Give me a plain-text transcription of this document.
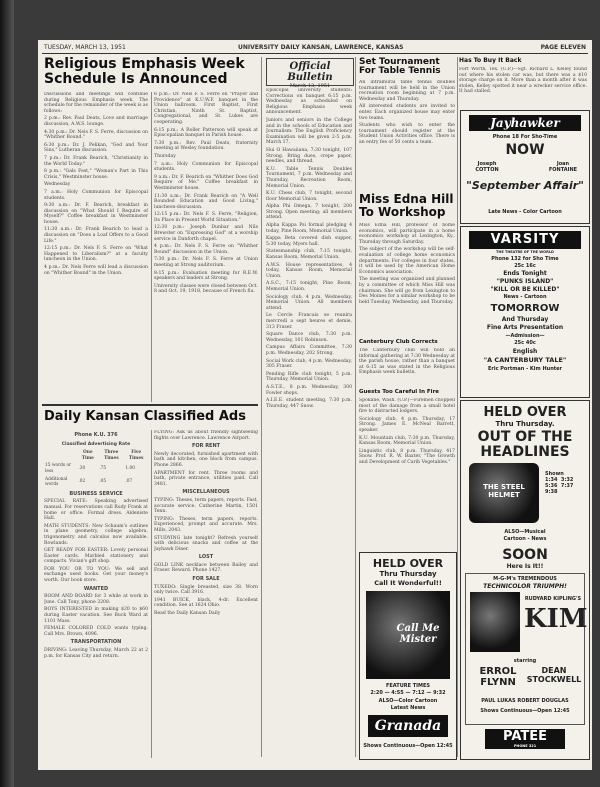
TUESDAY, MARCH 13, 1951	UNIVERSITY DAILY KANSAN, LAWRENCE, KANSAS	PAGE ELEVEN
Religious Emphasis Week Schedule Is Announced

Discussions and meetings will continue during Religious Emphasis week. The schedule for the remainder of the week is as follows:

2 p.m.: Rev. Paul Deats, Love and marriage discussion, A.W.S. lounge.

4:30 p.m.: Dr. Nels F. S. Ferre, discussion on "Whither Bound."

6:30 p.m.: Dr. J. Pelikan, "God and Your Sins," Lutheran discussion.

7 p.m.: Dr. Frank Bearich, "Christianity in the World Today."

8 p.m.: "Gals Fest," "Woman's Part in This Crisis," Westminster house.

Wednesday

7 a.m.: Holy Communion for Episcopal students.

9:30 a.m.: Dr. F. Bearich, breakfast in discussion on "What Should I Require of Myself?" Coffee breakfast in Westminster house.

11:30 a.m.: Dr. Frank Bearich to lead a discussion on "Does a Loaf Offers to a Good Life."

12:15 p.m.: Dr. Nels F. S. Ferre on "What Happened to Liberalism?" at a faculty luncheon in the Union.

4 p.m.: Dr. Nels Ferre will lead a discussion on "Whither Bound" in the Union.

6 p.m.: Dr. Nels F. S. Ferre on "Prayer and Providence" at K.U.W.F. banquet in the Union ballroom. First Baptist, First Christian, Ninth St. Baptist, Congregational, and St. Lukes are cooperating.

6:15 p.m.: A Roller Patterson will speak at Episcopalian banquet in Parish house.

7:30 p.m.: Rev. Paul Deats, fraternity meeting at Wesley foundation.

Thursday

7 a.m.: Holy Communion for Episcopal students.

9 a.m.: Dr. F. Bearich on "Whither Does God Require of Me." Coffee breakfast in Westminster house.

11:30 a.m.: Dr. Frank Bearich on "A Well Rounded Education and Good Living," luncheon-discussion.

12:15 p.m.: Dr. Nels F. S. Ferre, "Religion, Its Place in Present World Situation."

12:30 p.m.: Joseph Dunbar and Nils Brewster on "Expressing God" at a worship service in Danforth chapel.

4 p.m.: Dr. Nels F. S. Ferre on "Whither Bound" discussion in the Union.

7:30 p.m.: Dr. Nels F. S. Ferre at Union meeting at Strong auditorium.

8:15 p.m.: Evaluation meeting for R.E.W. speakers and leaders at Strong.

University classes were closed between Oct. 8 and Oct. 19, 1918, because of French flu.

Official Bulletin
March 13, 1951

Episcopal university students: Corrections on banquet 6:15 p.m. Wednesday as scheduled on Religious Emphasis week announcement.

Juniors and seniors in the College and in the schools of Education and Journalism: The English Proficiency Examination will be given 2-5 p.m. March 17.

Hui O Hawaiiana, 7:30 tonight, 107 Strong. Bring dues, crepe paper, needles, and thread.

K.U. Table Tennis Doubles Tournament, 7 p.m. Wednesday and Thursday, Recreation Room, Memorial Union.

K.U. Chess club, 7 tonight, second floor Memorial Union.

Alpha Phi Omega, 7 tonight, 200 Strong. Open meeting; all members attend.

Alpha Kappa Psi formal pledging 4 today, Pine Room, Memorial Union.

Kappa Beta covered dish supper, 5:30 today, Myers hall.

Statesmanship club, 7:15 tonight, Kansas Room, Memorial Union.

A.W.S. House representatives, 4 today, Kansas Room, Memorial Union.

A.S.C., 7:15 tonight, Pine Room, Memorial Union.

Sociology club, 4 p.m. Wednesday, Memorial Union. All members attend.

Le Cercle Francais se reunira mercredi a sept heures et demie, 313 Fraser.

Square Dance club, 7:30 p.m. Wednesday, 101 Robinson.

Campus Affairs Committee, 7:30 p.m. Wednesday, 202 Strong.

Social Work club, 4 p.m. Wednesday, 305 Fraser.

Pending Rifle club tonight, 5 p.m. Thursday, Memorial Union.

A.S.T.E., 8 p.m. Wednesday, 300 Fowler shops.

A.I.E.E. student meeting, 7:30 p.m. Thursday, 447 Snow.

Set Tournament For Table Tennis

An intramural table tennis doubles tournament will be held in the Union recreation room beginning at 7 p.m. Wednesday and Thursday.

All interested students are invited to enter. Each organized house may enter two teams.

Students who wish to enter the tournament should register at the Student Union Activities office. There is an entry fee of 50 cents a team.

Has To Buy It Back

Fort Worth, Tex. (U.P.)—Sgt. Richard L. Kelley found out where his stolen car was, but there was a $10 storage charge on it. More than a month after it was stolen, Kelley spotted it near a wrecker service office. It had stalled.

Miss Edna Hill To Workshop

Miss Edna Hill, professor of home economics, will participate in a home economics workshop at Lexington, Ky., Thursday through Saturday.

The subject of the workshop will be self-evaluation of college home economics departments. For colleges in four states, it will be used by the American Home Economics association.

The meeting was organized and planned by a committee of which Miss Hill was chairman. She will go from Lexington to Des Moines for a similar workshop to be held Tuesday, Wednesday, and Thursday.

Canterbury Club Corrects

The Canterbury club will hold an informal gathering at 7:30 Wednesday at the parish house, rather than a banquet at 6:15 as was stated in the Religious Emphasis week bulletin.

Guests Too Careful In Fire

Spokane, Wash. (U.P.)—Firemen chopped most of the damage from a small hotel fire to distracted lodgers.

Sociology club, 4 p.m. Thursday, 17 Strong. James E. McNeal Barrett, speaker.

K.U. Mountain club, 7:30 p.m. Thursday, Kansas Room, Memorial Union.

Linguistic club, 8 p.m. Thursday, 417 Snow. Prof. R. W. Baxter, "The Growth and Development of Carib Vegetables."

Jayhawker
Phone 18 For Sho-Time
NOW
Joseph COTTON
Joan FONTAINE
"September Affair"
Late News - Color Cartoon
VARSITY
THE THEATRE OF THE WORLD
Phone 132 for Sho Time
25c 16c
Ends Tonight
"PUNKS ISLAND"
"KILL OR BE KILLED"
News - Cartoon
TOMORROW
And Thursday
Fine Arts Presentation
—Admission—
25c 40c
English
"A CANTERBURY TALE"
Eric Portman - Kim Hunter
HELD OVER
Thru Thursday.
OUT OF THE
HEADLINES
THE STEEL HELMET
Shown
1:34  3:32
5:36  7:37
9:38
ALSO—Musical
Cartoon - News
SOON
Here Is It!!
M-G-M's TREMENDOUS
TECHNICOLOR TRIUMPH!
RUDYARD KIPLING'S
KIM
starring
ERROL FLYNN
DEAN STOCKWELL
PAUL LUKAS ROBERT DOUGLAS
Shows Continuous—Open 12:45
PATEE
PHONE 321
HELD OVER
Thru Thursday
Call It Wonderful!!
Call Me Mister
FEATURE TIMES
2:20 — 4:55 — 7:12 — 9:32
ALSO—Color Cartoon
Latest News
Granada
Shows Continuous—Open 12:45
Daily Kansan Classified Ads
Phone K.U. 376
Classified Advertising Rate
	One Time	Three Times	Five Times
15 words or less	.30	.75	1.00
Additional words	.02	.05	.07
BUSINESS SERVICE

SPECIAL RATE: Speaking advertised manual. For reservations call Rudy Frank at home or office. Formal dress. Aldeniste Hall.

MATH STUDENTS: New Schaum's outlines in plane geometry, college algebra, trigonometry and calculus now available. Rowlands.

GET READY FOR EASTER: Lovely personal Easter cards. Marbled stationery and compacts. Vivian's gift shop.

FOR YOU OR TO YOU: We sell and exchange used books. Get your money's worth. Our book store.

WANTED

ROOM AND BOARD for 3 while at work in June. Call Tony, phone 3208.

BOYS INTERESTED in making $20 to $60 during Easter vacation. See Buck Ward at 1101 Mass.

FEMALE COLORED COLD wants typing. Call Mrs. Brown, 4096.

TRANSPORTATION

DRIVING: Leaving Thursday, March 22 at 2 p.m. for Kansas City and return.

FLYING: Ask us about friendly sightseeing flights over Lawrence. Lawrence Airport.

FOR RENT

Newly decorated, furnished apartment with bath and kitchen, one block from campus. Phone 2866.

APARTMENT for rent. Three rooms and bath, private entrance, utilities paid. Call 3481.

MISCELLANEOUS

TYPING: Theses, term papers, reports. Fast, accurate service. Catherine Martin, 1501 Tenn.

TYPING: Theses, term papers, reports. Experienced, prompt and accurate. Mrs. Mills, 2043.

STUDYING late tonight? Refresh yourself with delicious snacks and coffee at the Jayhawk Diner.

LOST

GOLD LINK necklace between Bailey and Fraser. Reward. Phone 1427.

FOR SALE

TUXEDO: Single breasted, size 38. Worn only twice. Call 3916.

1941 BUICK, black, 4-dr. Excellent condition. See at 1624 Ohio.

Read the Daily Kansan Daily
